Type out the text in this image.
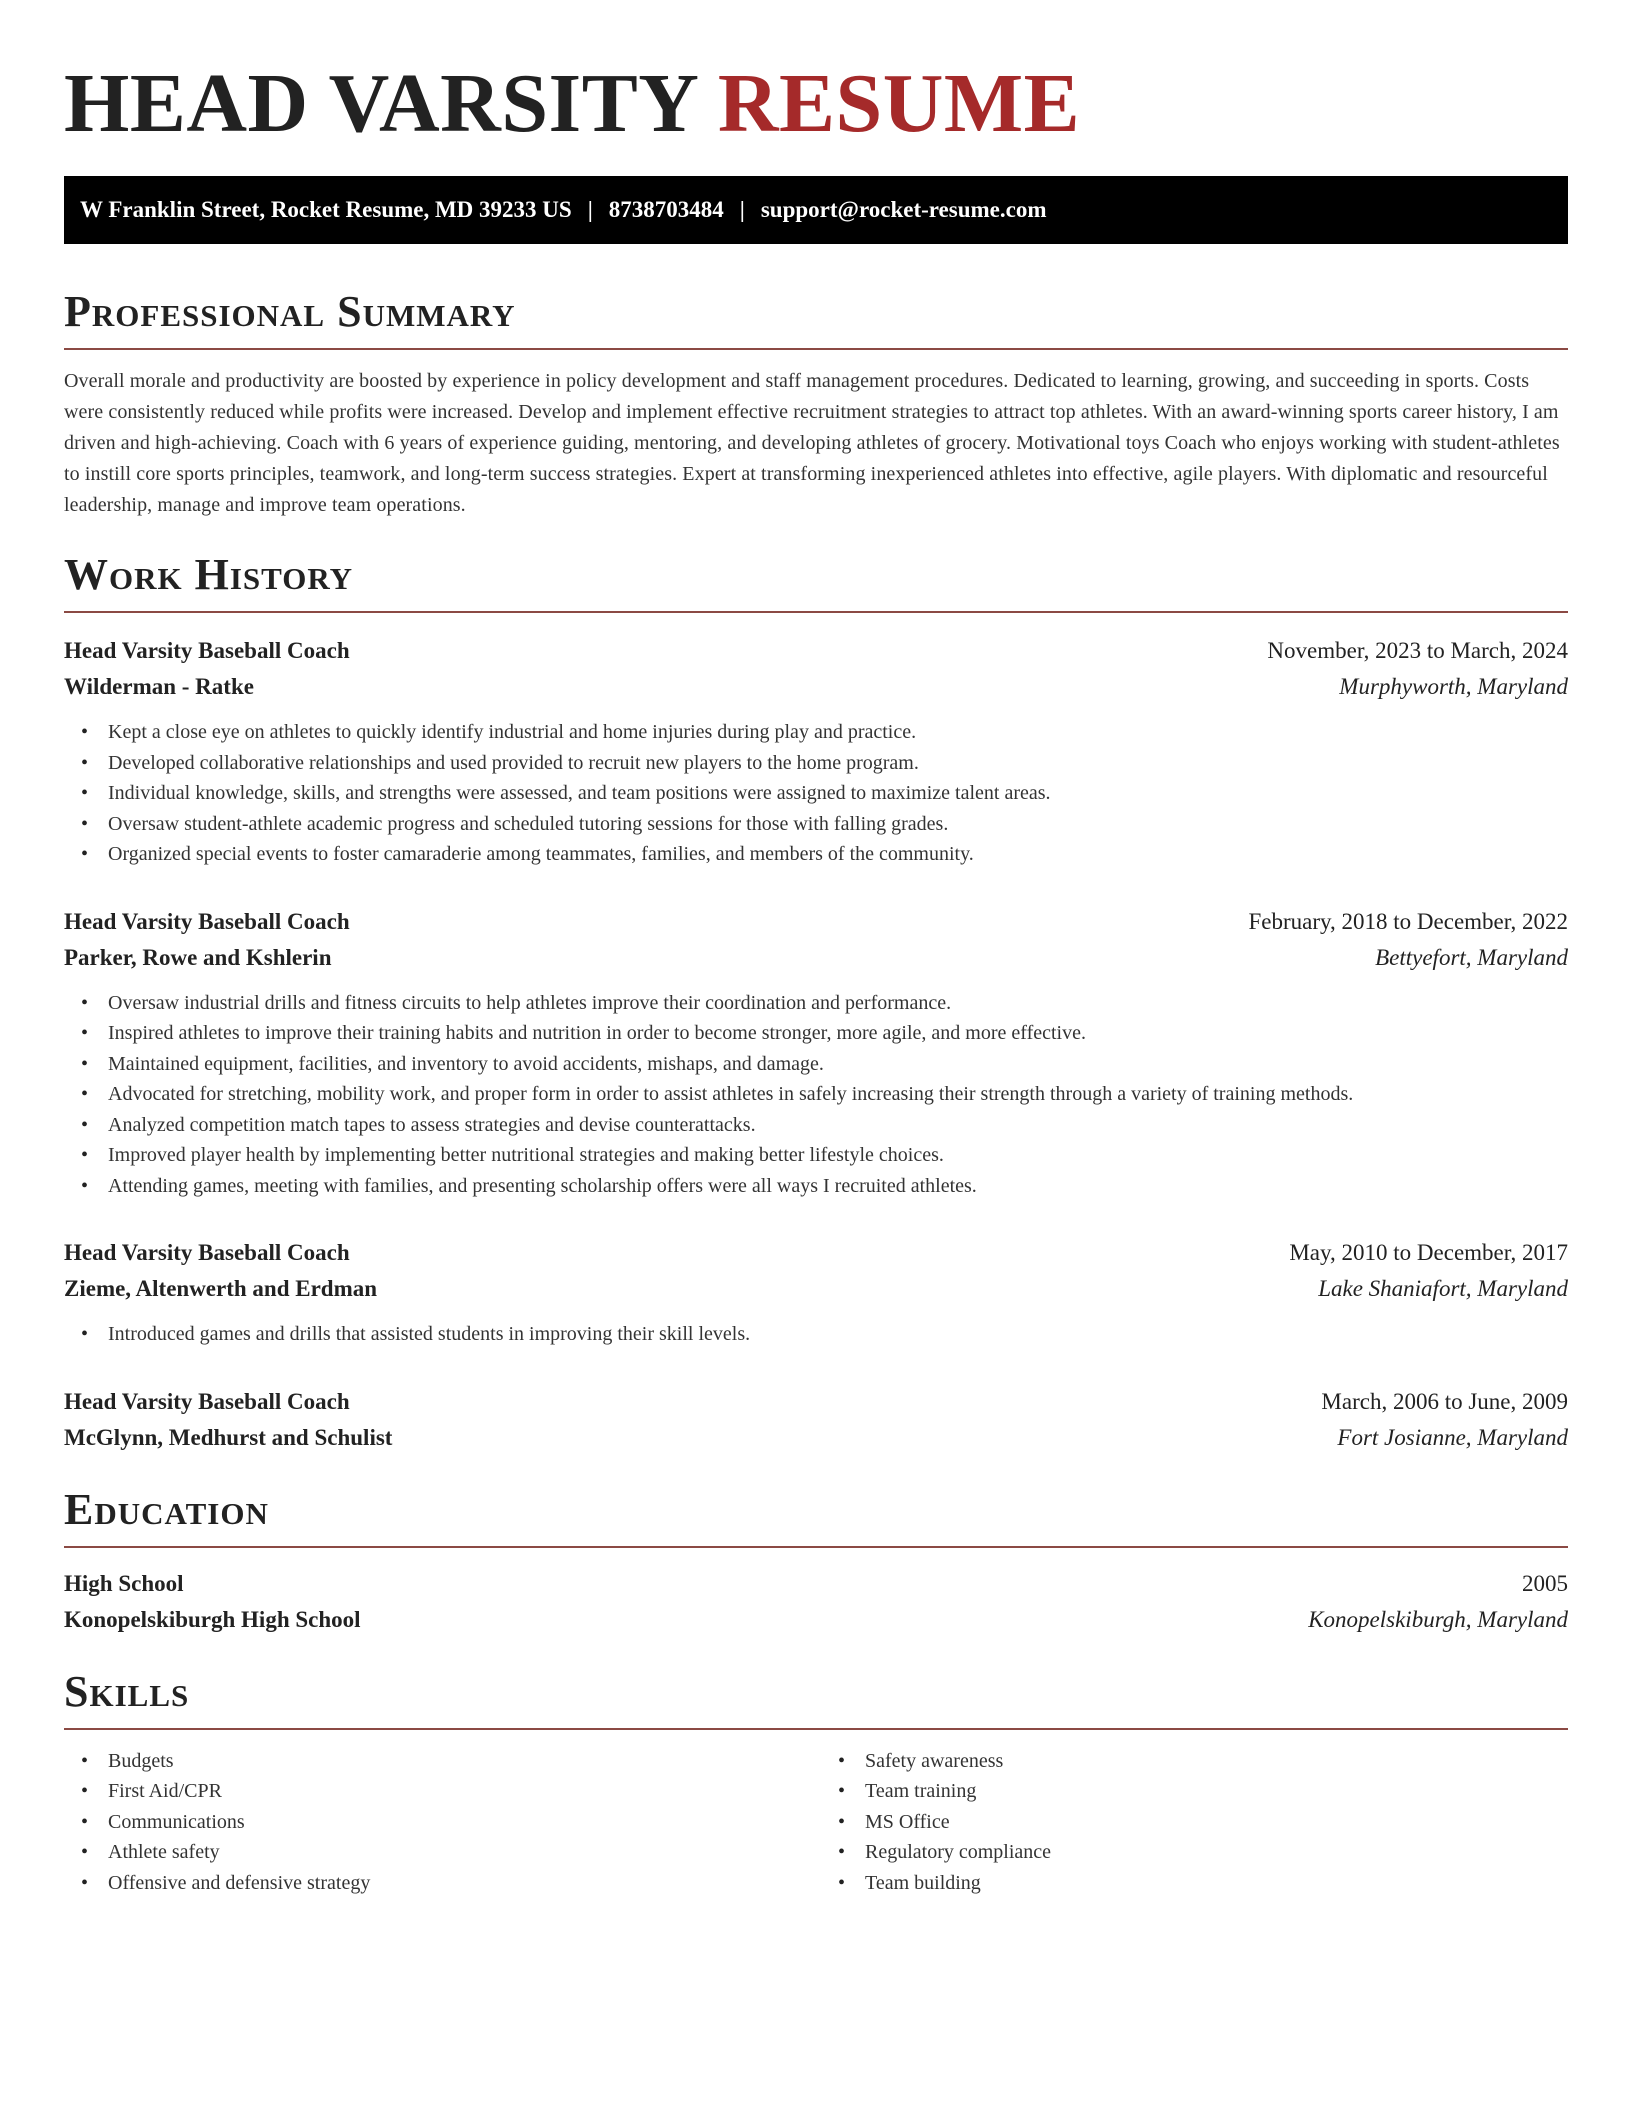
HEAD VARSITY RESUME
W Franklin Street, Rocket Resume, MD 39233 US | 8738703484 | support@rocket-resume.com
Professional Summary

Overall morale and productivity are boosted by experience in policy development and staff management procedures. Dedicated to learning, growing, and succeeding in sports. Costs were consistently reduced while profits were increased. Develop and implement effective recruitment strategies to attract top athletes. With an award-winning sports career history, I am driven and high-achieving. Coach with 6 years of experience guiding, mentoring, and developing athletes of grocery. Motivational toys Coach who enjoys working with student-athletes to instill core sports principles, teamwork, and long-term success strategies. Expert at transforming inexperienced athletes into effective, agile players. With diplomatic and resourceful leadership, manage and improve team operations.

Work History
Head Varsity Baseball Coach	November, 2023 to March, 2024
Wilderman - Ratke	Murphyworth, Maryland
• Kept a close eye on athletes to quickly identify industrial and home injuries during play and practice.
• Developed collaborative relationships and used provided to recruit new players to the home program.
• Individual knowledge, skills, and strengths were assessed, and team positions were assigned to maximize talent areas.
• Oversaw student-athlete academic progress and scheduled tutoring sessions for those with falling grades.
• Organized special events to foster camaraderie among teammates, families, and members of the community.
Head Varsity Baseball Coach	February, 2018 to December, 2022
Parker, Rowe and Kshlerin	Bettyefort, Maryland
• Oversaw industrial drills and fitness circuits to help athletes improve their coordination and performance.
• Inspired athletes to improve their training habits and nutrition in order to become stronger, more agile, and more effective.
• Maintained equipment, facilities, and inventory to avoid accidents, mishaps, and damage.
• Advocated for stretching, mobility work, and proper form in order to assist athletes in safely increasing their strength through a variety of training methods.
• Analyzed competition match tapes to assess strategies and devise counterattacks.
• Improved player health by implementing better nutritional strategies and making better lifestyle choices.
• Attending games, meeting with families, and presenting scholarship offers were all ways I recruited athletes.
Head Varsity Baseball Coach	May, 2010 to December, 2017
Zieme, Altenwerth and Erdman	Lake Shaniafort, Maryland
• Introduced games and drills that assisted students in improving their skill levels.
Head Varsity Baseball Coach	March, 2006 to June, 2009
McGlynn, Medhurst and Schulist	Fort Josianne, Maryland
Education
High School	2005
Konopelskiburgh High School	Konopelskiburgh, Maryland
Skills
• Budgets
• First Aid/CPR
• Communications
• Athlete safety
• Offensive and defensive strategy
• Safety awareness
• Team training
• MS Office
• Regulatory compliance
• Team building
